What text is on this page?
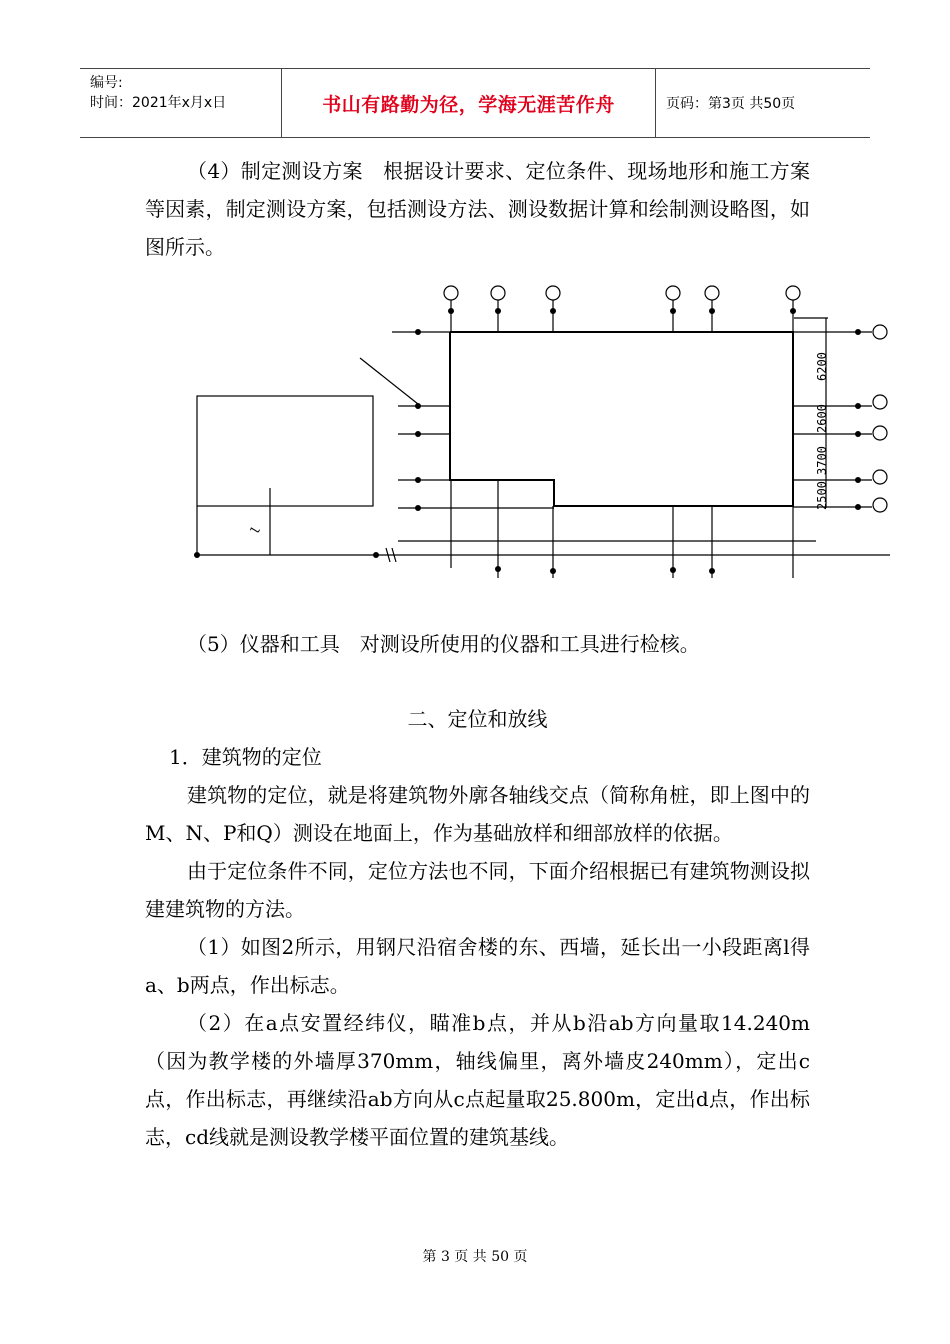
编号:
时间：2021年x月x日	书山有路勤为径，学海无涯苦作舟	页码：第3页 共50页

（4）制定测设方案　根据设计要求、定位条件、现场地形和施工方案等因素，制定测设方案，包括测设方法、测设数据计算和绘制测设略图，如图所示。

6200
2600
3700
2500
l

（5）仪器和工具　对测设所使用的仪器和工具进行检核。

二、定位和放线

1．建筑物的定位

建筑物的定位，就是将建筑物外廓各轴线交点（简称角桩，即上图中的M、N、P和Q）测设在地面上，作为基础放样和细部放样的依据。

由于定位条件不同，定位方法也不同，下面介绍根据已有建筑物测设拟建建筑物的方法。

（1）如图2所示，用钢尺沿宿舍楼的东、西墙，延长出一小段距离l得a、b两点，作出标志。

（2）在a点安置经纬仪，瞄准b点，并从b沿ab方向量取14.240m（因为教学楼的外墙厚370mm，轴线偏里，离外墙皮240mm），定出c点，作出标志，再继续沿ab方向从c点起量取25.800m，定出d点，作出标志，cd线就是测设教学楼平面位置的建筑基线。

第 3 页 共 50 页
